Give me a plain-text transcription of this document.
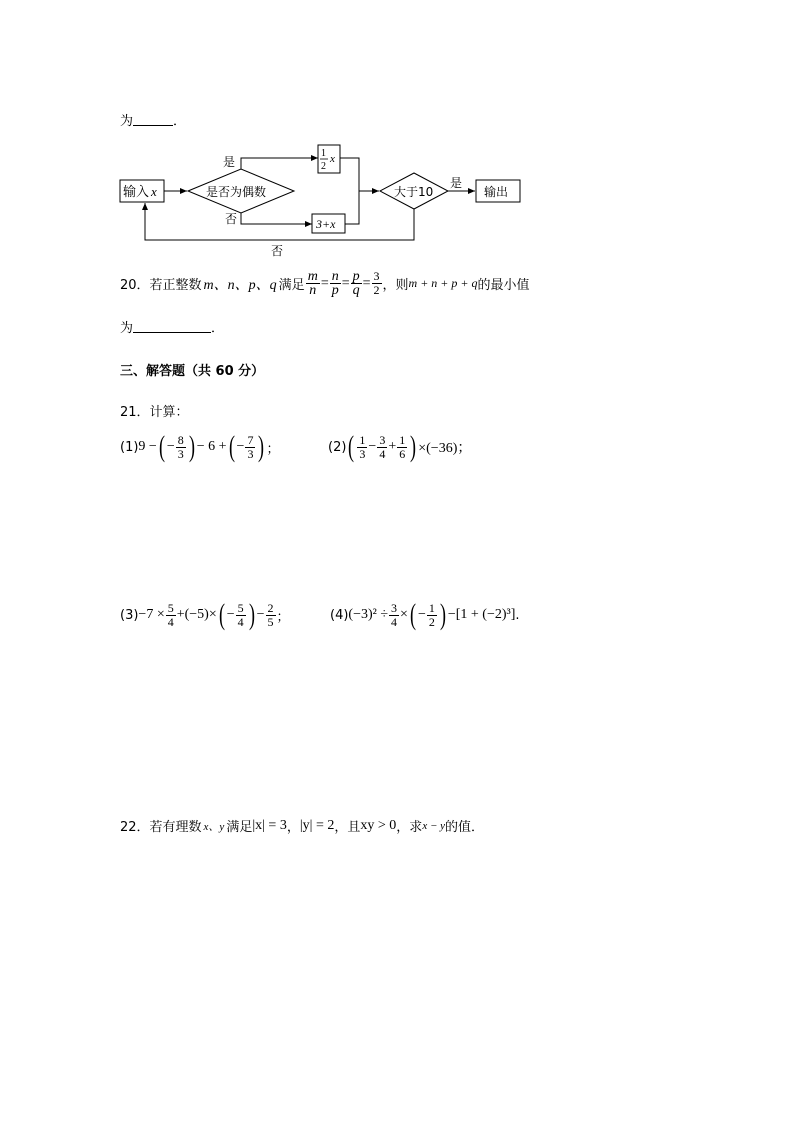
为	．
输入 x	是否为偶数
是
1
2
x
否	3+x
大于10
是
输出
否
20．若正整数 m、n、p、q 满足 $\frac{m}{n} = \frac{n}{p} = \frac{p}{q} = \frac{3}{2}$ ，则 m + n + p + q 的最小值
为	．
三、解答题（共 60 分）
21．计算：
(1) 9 − ( − $\frac{8}{3}$ ) − 6 + ( − $\frac{7}{3}$ ) ；	(2) ( $\frac{1}{3} - \frac{3}{4} + \frac{1}{6}$ ) ×(−36)；
$(3) -7 \times \frac{5}{4} +(-5)\times$ ( − $\frac{5}{4}$ ) − $\frac{2}{5}$ ；	(4) $(-3)^2 \div \frac{3}{4}$ × ( − $\frac{1}{2}$ ) −[1 + (−2)³] .
22．若有理数 x、y 满足 |x| = 3 ， |y| = 2 ，且 xy > 0 ，求 x − y 的值．
